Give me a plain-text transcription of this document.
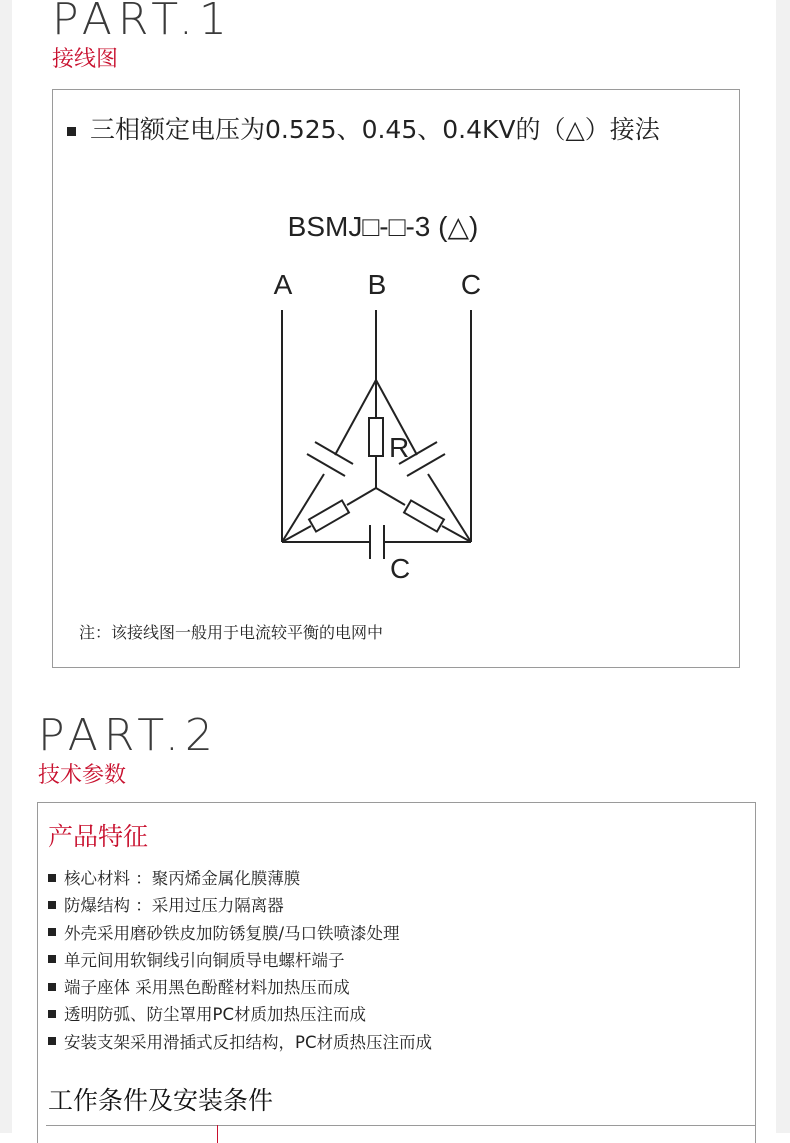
PART.1
接线图
三相额定电压为0.525、0.45、0.4KV的（△）接法
BSMJ□-□-3 (△)
A	B	C
R
C
注：该接线图一般用于电流较平衡的电网中
PART.2
技术参数
产品特征
核心材料 ：聚丙烯金属化膜薄膜
防爆结构 ：采用过压力隔离器
外壳采用磨砂铁皮加防锈复膜/马口铁喷漆处理
单元间用软铜线引向铜质导电螺杆端子
端子座体 采用黑色酚醛材料加热压而成
透明防弧、防尘罩用PC材质加热压注而成
安装支架采用滑插式反扣结构，PC材质热压注而成
工作条件及安装条件
